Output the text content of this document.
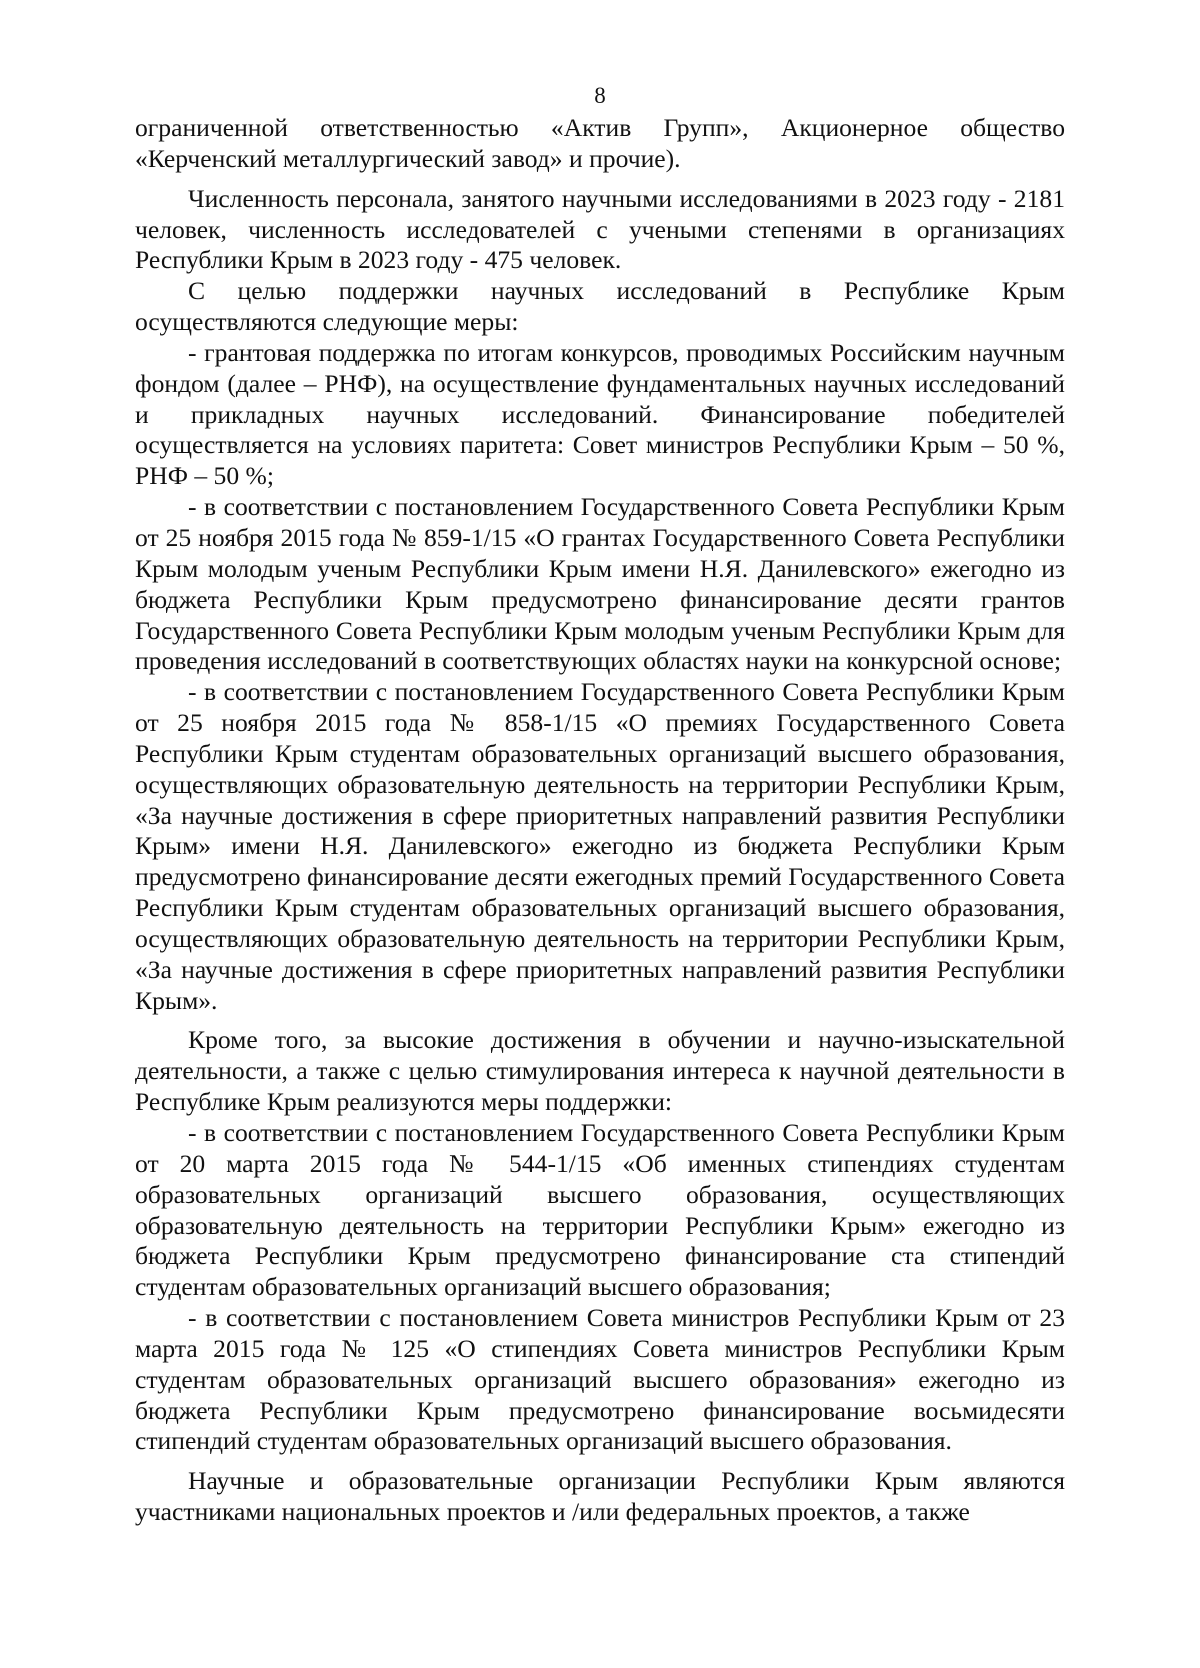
8

ограниченной ответственностью «Актив Групп», Акционерное общество «Керченский металлургический завод» и прочие).

Численность персонала, занятого научными исследованиями в 2023 году - 2181 человек, численность исследователей с учеными степенями в организациях Республики Крым в 2023 году - 475 человек.

С целью поддержки научных исследований в Республике Крым осуществляются следующие меры:

- грантовая поддержка по итогам конкурсов, проводимых Российским научным фондом (далее – РНФ), на осуществление фундаментальных научных исследований и прикладных научных исследований. Финансирование победителей осуществляется на условиях паритета: Совет министров Республики Крым – 50 %, РНФ – 50 %;

- в соответствии с постановлением Государственного Совета Республики Крым от 25 ноября 2015 года № 859-1/15 «О грантах Государственного Совета Республики Крым молодым ученым Республики Крым имени Н.Я. Данилевского» ежегодно из бюджета Республики Крым предусмотрено финансирование десяти грантов Государственного Совета Республики Крым молодым ученым Республики Крым для проведения исследований в соответствующих областях науки на конкурсной основе;

- в соответствии с постановлением Государственного Совета Республики Крым от 25 ноября 2015 года № 858-1/15 «О премиях Государственного Совета Республики Крым студентам образовательных организаций высшего образования, осуществляющих образовательную деятельность на территории Республики Крым, «За научные достижения в сфере приоритетных направлений развития Республики Крым» имени Н.Я. Данилевского» ежегодно из бюджета Республики Крым предусмотрено финансирование десяти ежегодных премий Государственного Совета Республики Крым студентам образовательных организаций высшего образования, осуществляющих образовательную деятельность на территории Республики Крым, «За научные достижения в сфере приоритетных направлений развития Республики Крым».

Кроме того, за высокие достижения в обучении и научно-изыскательной деятельности, а также с целью стимулирования интереса к научной деятельности в Республике Крым реализуются меры поддержки:

- в соответствии с постановлением Государственного Совета Республики Крым от 20 марта 2015 года № 544-1/15 «Об именных стипендиях студентам образовательных организаций высшего образования, осуществляющих образовательную деятельность на территории Республики Крым» ежегодно из бюджета Республики Крым предусмотрено финансирование ста стипендий студентам образовательных организаций высшего образования;

- в соответствии с постановлением Совета министров Республики Крым от 23 марта 2015 года № 125 «О стипендиях Совета министров Республики Крым студентам образовательных организаций высшего образования» ежегодно из бюджета Республики Крым предусмотрено финансирование восьмидесяти стипендий студентам образовательных организаций высшего образования.

Научные и образовательные организации Республики Крым являются участниками национальных проектов и /или федеральных проектов, а также
